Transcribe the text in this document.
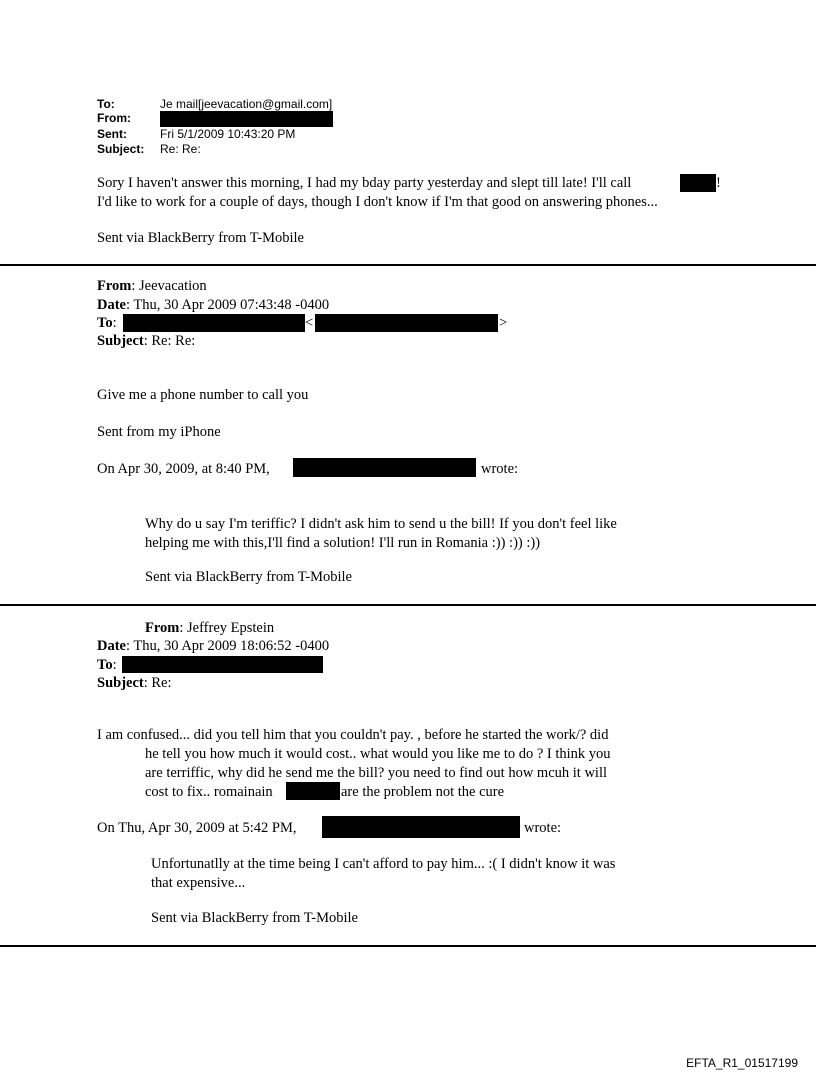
To:	Je mail[jeevacation@gmail.com]
From:
Sent:	Fri 5/1/2009 10:43:20 PM
Subject: Re: Re:
Sory I haven't answer this morning, I had my bday party yesterday and slept till late! I'll call	!
I'd like to work for a couple of days, though I don't know if I'm that good on answering phones...
Sent via BlackBerry from T-Mobile
From: Jeevacation
Date: Thu, 30 Apr 2009 07:43:48 -0400
To:	<	>
Subject: Re: Re:
Give me a phone number to call you
Sent from my iPhone
On Apr 30, 2009, at 8:40 PM,	wrote:
Why do u say I'm teriffic? I didn't ask him to send u the bill! If you don't feel like
helping me with this,I'll find a solution! I'll run in Romania :)) :)) :))
Sent via BlackBerry from T-Mobile
From: Jeffrey Epstein
Date: Thu, 30 Apr 2009 18:06:52 -0400
To:
Subject: Re:
I am confused... did you tell him that you couldn't pay. , before he started the work/? did
he tell you how much it would cost.. what would you like me to do ? I think you
are terriffic, why did he send me the bill? you need to find out how mcuh it will
cost to fix.. romainain	are the problem not the cure
On Thu, Apr 30, 2009 at 5:42 PM,	wrote:
Unfortunatlly at the time being I can't afford to pay him... :( I didn't know it was
that expensive...
Sent via BlackBerry from T-Mobile
EFTA_R1_01517199
